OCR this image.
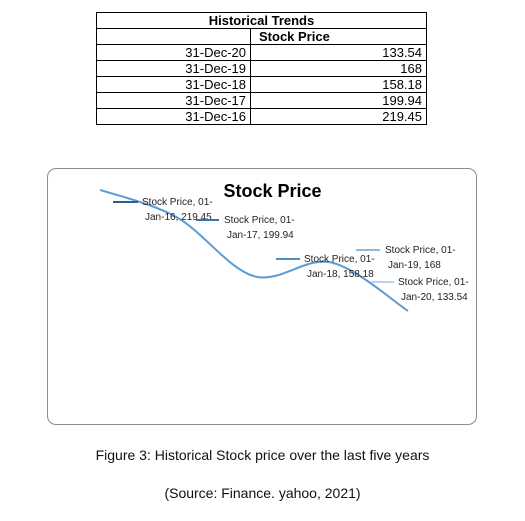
Historical Trends	
	Stock Price
31-Dec-20	133.54
31-Dec-19	168
31-Dec-18	158.18
31-Dec-17	199.94
31-Dec-16	219.45
Stock Price, 01-Jan-16, 219.45 Stock Price, 01-Jan-17, 199.94
Stock Price, 01-Jan-18, 158.18
Stock Price, 01-Jan-19, 168
Stock Price, 01-Jan-20, 133.54
Stock Price
Figure 3: Historical Stock price over the last five years
(Source: Finance. yahoo, 2021)
